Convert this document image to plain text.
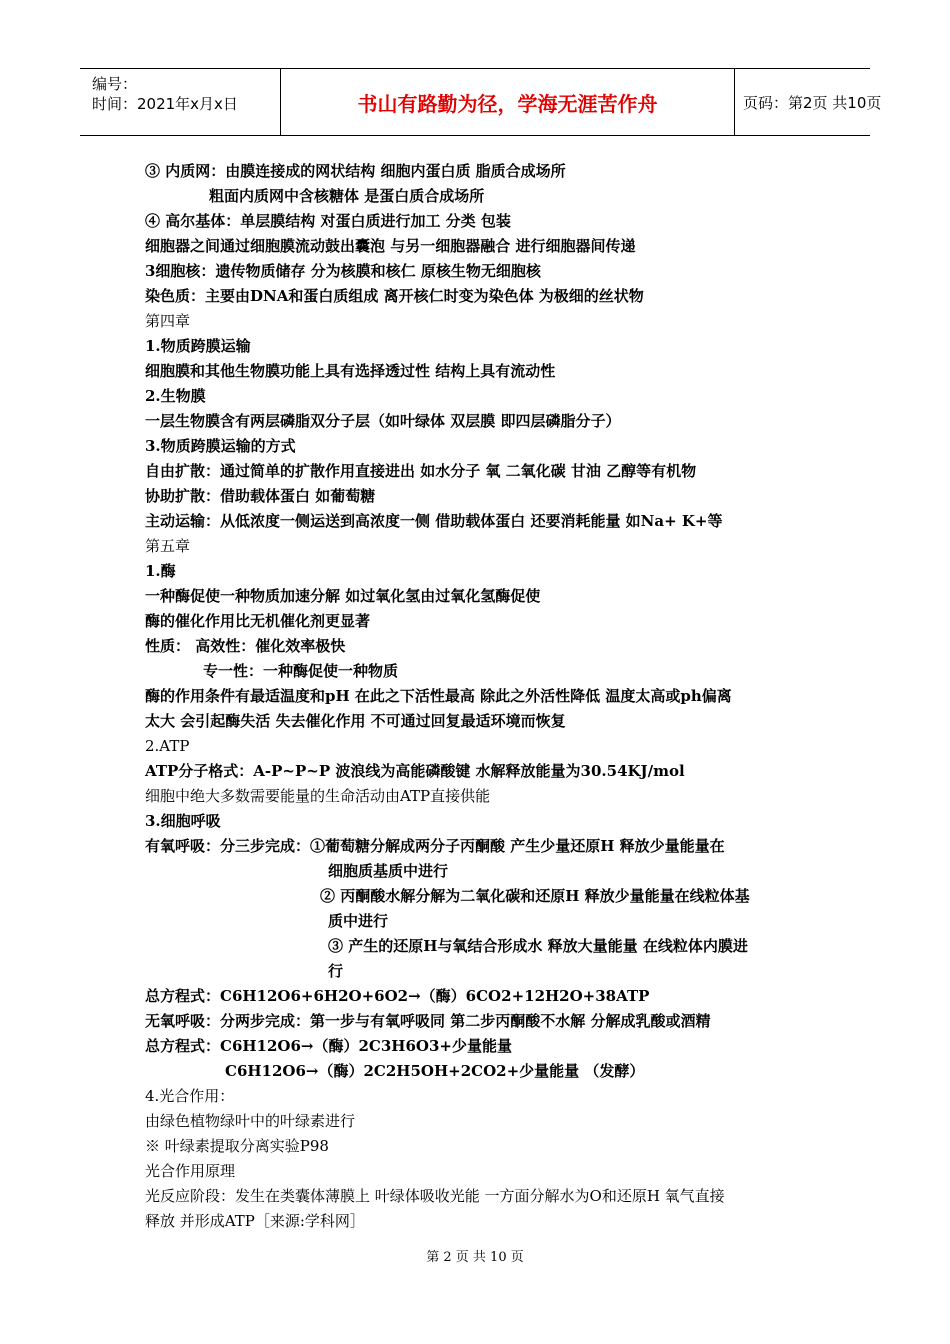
编号：
时间：2021年x月x日	书山有路勤为径，学海无涯苦作舟	页码：第2页 共10页
③ 内质网：由膜连接成的网状结构 细胞内蛋白质 脂质合成场所
粗面内质网中含核糖体 是蛋白质合成场所
④ 高尔基体：单层膜结构 对蛋白质进行加工 分类 包装
细胞器之间通过细胞膜流动鼓出囊泡 与另一细胞器融合 进行细胞器间传递
3细胞核：遗传物质储存 分为核膜和核仁 原核生物无细胞核
染色质：主要由DNA和蛋白质组成 离开核仁时变为染色体 为极细的丝状物
第四章
1.物质跨膜运输
细胞膜和其他生物膜功能上具有选择透过性 结构上具有流动性
2.生物膜
一层生物膜含有两层磷脂双分子层（如叶绿体 双层膜 即四层磷脂分子）
3.物质跨膜运输的方式
自由扩散：通过简单的扩散作用直接进出 如水分子 氧 二氧化碳 甘油 乙醇等有机物
协助扩散：借助载体蛋白 如葡萄糖
主动运输：从低浓度一侧运送到高浓度一侧 借助载体蛋白 还要消耗能量 如Na+ K+等
第五章
1.酶
一种酶促使一种物质加速分解 如过氧化氢由过氧化氢酶促使
酶的催化作用比无机催化剂更显著
性质： 高效性：催化效率极快
专一性：一种酶促使一种物质
酶的作用条件有最适温度和pH 在此之下活性最高 除此之外活性降低 温度太高或ph偏离
太大 会引起酶失活 失去催化作用 不可通过回复最适环境而恢复
2.ATP
ATP分子格式：A-P~P~P 波浪线为高能磷酸键 水解释放能量为30.54KJ/mol
细胞中绝大多数需要能量的生命活动由ATP直接供能
3.细胞呼吸
有氧呼吸：分三步完成：①葡萄糖分解成两分子丙酮酸 产生少量还原H 释放少量能量在
细胞质基质中进行
② 丙酮酸水解分解为二氧化碳和还原H 释放少量能量在线粒体基
质中进行
③ 产生的还原H与氧结合形成水 释放大量能量 在线粒体内膜进
行
总方程式：C6H12O6+6H2O+6O2→（酶）6CO2+12H2O+38ATP
无氧呼吸：分两步完成：第一步与有氧呼吸同 第二步丙酮酸不水解 分解成乳酸或酒精
总方程式：C6H12O6→（酶）2C3H6O3+少量能量
C6H12O6→（酶）2C2H5OH+2CO2+少量能量 （发酵）
4.光合作用：
由绿色植物绿叶中的叶绿素进行
※ 叶绿素提取分离实验P98
光合作用原理
光反应阶段：发生在类囊体薄膜上 叶绿体吸收光能 一方面分解水为O和还原H 氧气直接
释放 并形成ATP［来源:学科网］
第 2 页 共 10 页
